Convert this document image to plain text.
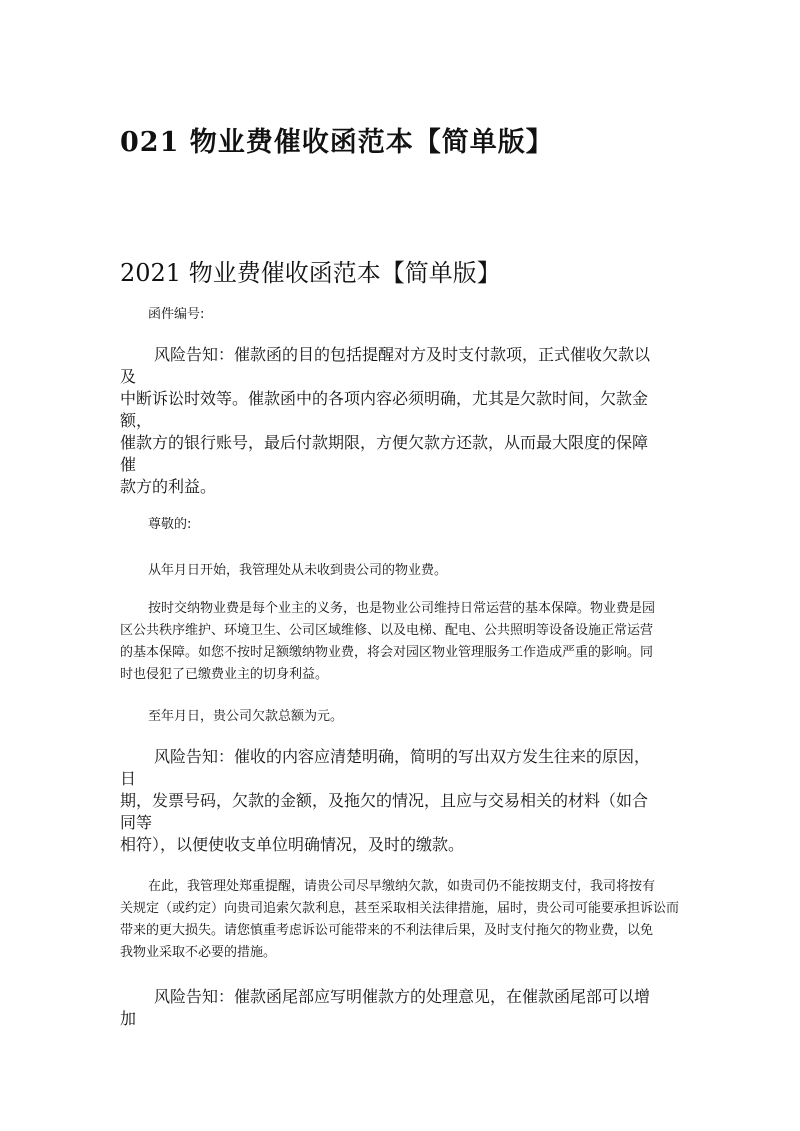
021 物业费催收函范本【简单版】
2021 物业费催收函范本【简单版】

函件编号:

风险告知：催款函的目的包括提醒对方及时支付款项，正式催收欠款以
及
中断诉讼时效等。催款函中的各项内容必须明确，尤其是欠款时间，欠款金
额，
催款方的银行账号，最后付款期限，方便欠款方还款，从而最大限度的保障
催
款方的利益。

尊敬的:

从年月日开始，我管理处从未收到贵公司的物业费。

按时交纳物业费是每个业主的义务，也是物业公司维持日常运营的基本保障。物业费是园
区公共秩序维护、环境卫生、公司区域维修、以及电梯、配电、公共照明等设备设施正常运营
的基本保障。如您不按时足额缴纳物业费，将会对园区物业管理服务工作造成严重的影响。同
时也侵犯了已缴费业主的切身利益。

至年月日，贵公司欠款总额为元。

风险告知：催收的内容应清楚明确，简明的写出双方发生往来的原因，
日
期，发票号码，欠款的金额，及拖欠的情况，且应与交易相关的材料（如合
同等
相符），以便使收支单位明确情况，及时的缴款。
在此，我管理处郑重提醒，请贵公司尽早缴纳欠款，如贵司仍不能按期支付，我司将按有
关规定（或约定）向贵司追索欠款利息，甚至采取相关法律措施，届时，贵公司可能要承担诉讼而
带来的更大损失。请您慎重考虑诉讼可能带来的不利法律后果，及时支付拖欠的物业费，以免
我物业采取不必要的措施。
风险告知：催款函尾部应写明催款方的处理意见，在催款函尾部可以增
加
